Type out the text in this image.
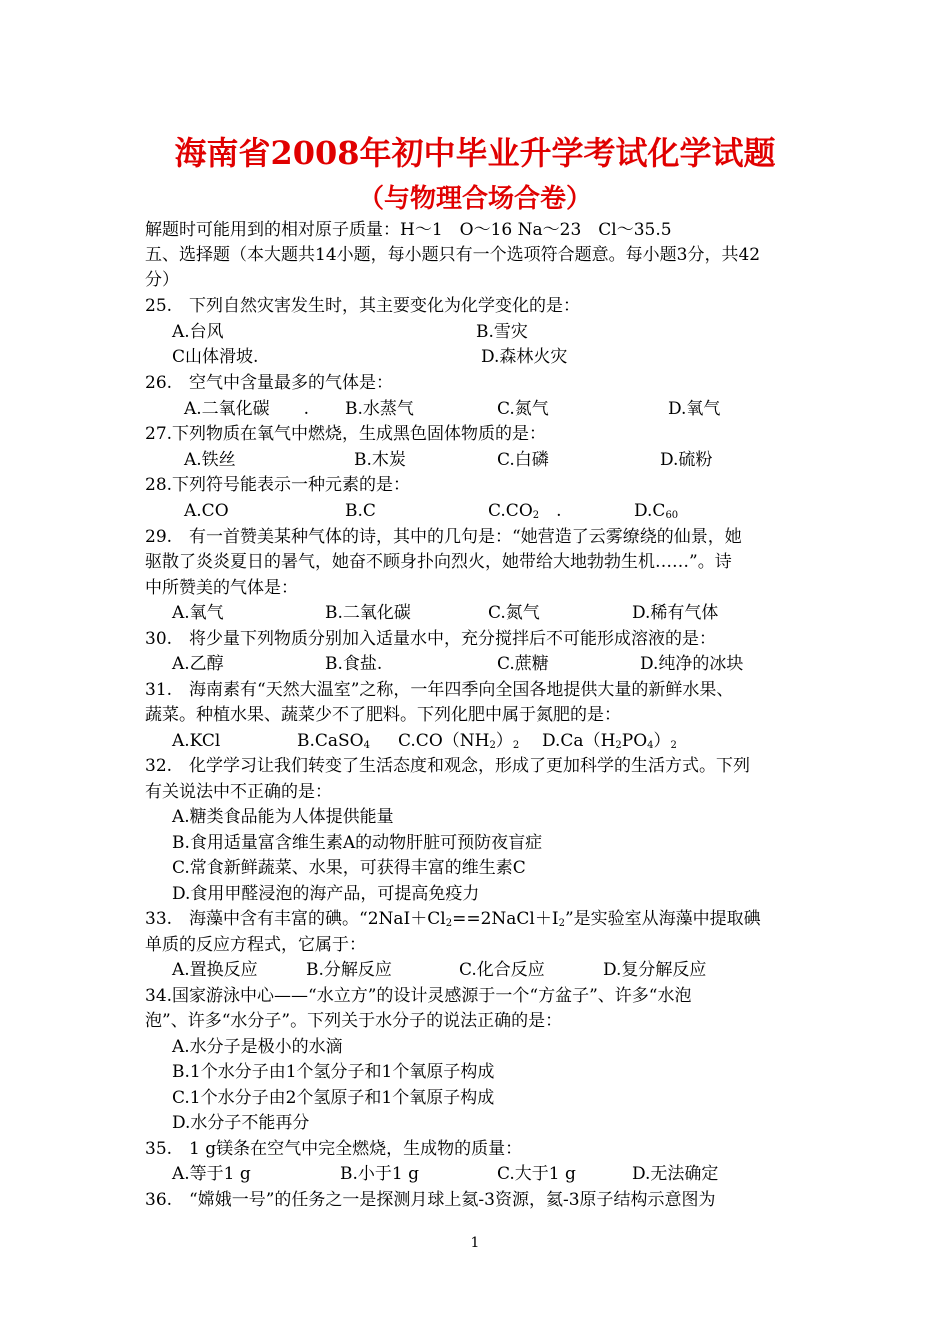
海南省2008年初中毕业升学考试化学试题
（与物理合场合卷）
解题时可能用到的相对原子质量：H～1　O～16 Na～23　Cl～35.5
五、选择题（本大题共14小题，每小题只有一个选项符合题意。每小题3分，共42
分）
25.　下列自然灾害发生时，其主要变化为化学变化的是：
A.台风	B.雪灾
C山体滑坡.	D.森林火灾
26.　空气中含量最多的气体是：
A.二氧化碳　　. B.水蒸气	C.氮气	D.氧气
27.下列物质在氧气中燃烧，生成黑色固体物质的是：
A.铁丝	B.木炭	C.白磷	D.硫粉
28.下列符号能表示一种元素的是：
A.CO	B.C	$C.CO_2$　.	$D.C_{60}$
29.　有一首赞美某种气体的诗，其中的几句是：“她营造了云雾缭绕的仙景，她
驱散了炎炎夏日的暑气，她奋不顾身扑向烈火，她带给大地勃勃生机……”。诗
中所赞美的气体是：
A.氧气	B.二氧化碳	C.氮气	D.稀有气体
30.　将少量下列物质分别加入适量水中，充分搅拌后不可能形成溶液的是：
A.乙醇	B.食盐.	C.蔗糖	D.纯净的冰块
31.　海南素有“天然大温室”之称，一年四季向全国各地提供大量的新鲜水果、
蔬菜。种植水果、蔬菜少不了肥料。下列化肥中属于氮肥的是：
A.KCl	B.CaSO$_4$ $C.CO(NH_2)_2$ $D.Ca(H_2PO_4)_2$
32.　化学学习让我们转变了生活态度和观念，形成了更加科学的生活方式。下列
有关说法中不正确的是：
A.糖类食品能为人体提供能量
B.食用适量富含维生素A的动物肝脏可预防夜盲症
C.常食新鲜蔬菜、水果，可获得丰富的维生素C
D.食用甲醛浸泡的海产品，可提高免疫力
33.　海藻中含有丰富的碘。“$2NaI+Cl_2==2NaCl+I_2$”是实验室从海藻中提取碘
单质的反应方程式，它属于：
A.置换反应	B.分解反应	C.化合反应	D.复分解反应
34.国家游泳中心——“水立方”的设计灵感源于一个“方盆子”、许多“水泡
泡”、许多“水分子”。下列关于水分子的说法正确的是：
A.水分子是极小的水滴
B.1个水分子由1个氢分子和1个氧原子构成
C.1个水分子由2个氢原子和1个氧原子构成
D.水分子不能再分
35.　1 g镁条在空气中完全燃烧，生成物的质量：
A.等于1 g	B.小于1 g	C.大于1 g	D.无法确定
36.　“嫦娥一号”的任务之一是探测月球上氦-3资源，氦-3原子结构示意图为
1
